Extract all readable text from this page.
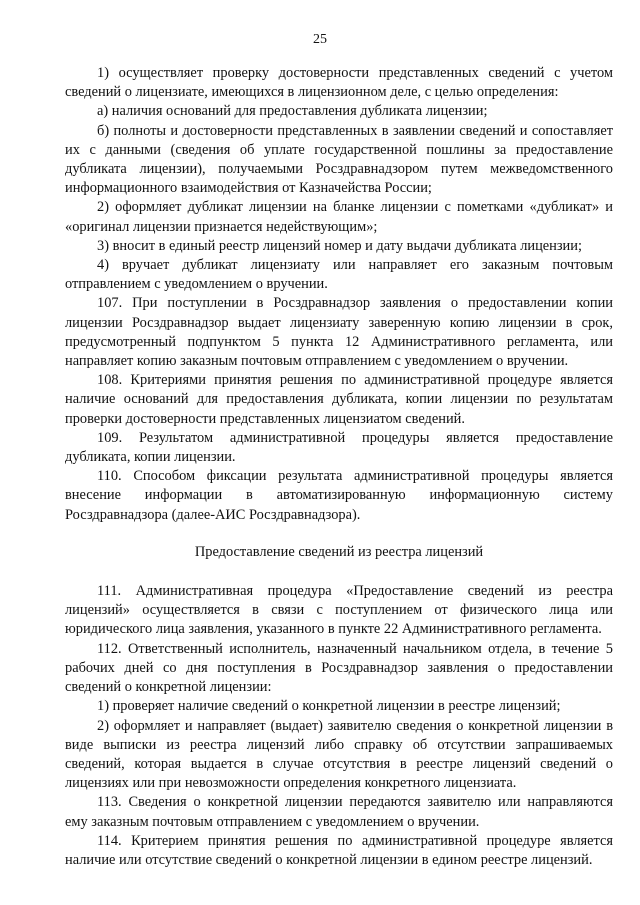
25

1) осуществляет проверку достоверности представленных сведений с учетом сведений о лицензиате, имеющихся в лицензионном деле, с целью определения:

а) наличия оснований для предоставления дубликата лицензии;

б) полноты и достоверности представленных в заявлении сведений и сопоставляет их с данными (сведения об уплате государственной пошлины за предоставление дубликата лицензии), получаемыми Росздравнадзором путем межведомственного информационного взаимодействия от Казначейства России;

2) оформляет дубликат лицензии на бланке лицензии с пометками «дубликат» и «оригинал лицензии признается недействующим»;

3) вносит в единый реестр лицензий номер и дату выдачи дубликата лицензии;

4) вручает дубликат лицензиату или направляет его заказным почтовым отправлением с уведомлением о вручении.

107. При поступлении в Росздравнадзор заявления о предоставлении копии лицензии Росздравнадзор выдает лицензиату заверенную копию лицензии в срок, предусмотренный подпунктом 5 пункта 12 Административного регламента, или направляет копию заказным почтовым отправлением с уведомлением о вручении.

108. Критериями принятия решения по административной процедуре является наличие оснований для предоставления дубликата, копии лицензии по результатам проверки достоверности представленных лицензиатом сведений.

109. Результатом административной процедуры является предоставление дубликата, копии лицензии.

110. Способом фиксации результата административной процедуры является внесение информации в автоматизированную информационную систему Росздравнадзора (далее-АИС Росздравнадзора).

Предоставление сведений из реестра лицензий

111. Административная процедура «Предоставление сведений из реестра лицензий» осуществляется в связи с поступлением от физического лица или юридического лица заявления, указанного в пункте 22 Административного регламента.

112. Ответственный исполнитель, назначенный начальником отдела, в течение 5 рабочих дней со дня поступления в Росздравнадзор заявления о предоставлении сведений о конкретной лицензии:

1) проверяет наличие сведений о конкретной лицензии в реестре лицензий;

2) оформляет и направляет (выдает) заявителю сведения о конкретной лицензии в виде выписки из реестра лицензий либо справку об отсутствии запрашиваемых сведений, которая выдается в случае отсутствия в реестре лицензий сведений о лицензиях или при невозможности определения конкретного лицензиата.

113. Сведения о конкретной лицензии передаются заявителю или направляются ему заказным почтовым отправлением с уведомлением о вручении.

114. Критерием принятия решения по административной процедуре является наличие или отсутствие сведений о конкретной лицензии в едином реестре лицензий.
